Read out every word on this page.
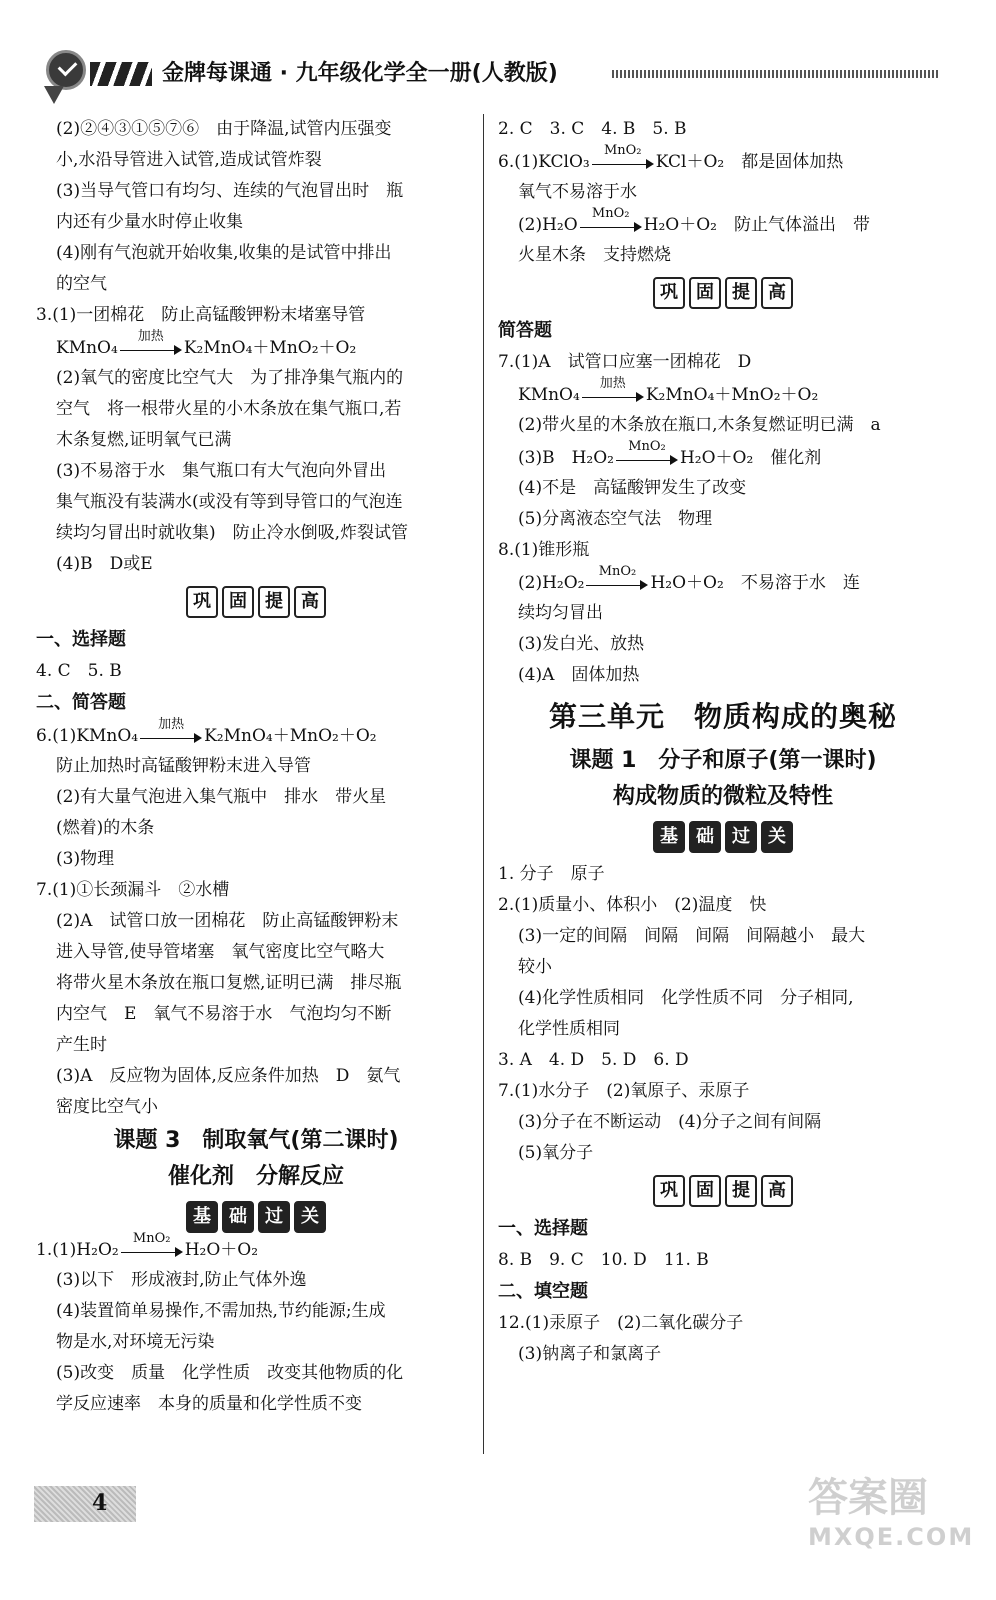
金牌每课通 · 九年级化学全一册(人教版)
(2)②④③①⑤⑦⑥　由于降温,试管内压强变
小,水沿导管进入试管,造成试管炸裂
(3)当导气管口有均匀、连续的气泡冒出时　瓶
内还有少量水时停止收集
(4)刚有气泡就开始收集,收集的是试管中排出
的空气
3.(1)一团棉花　防止高锰酸钾粉末堵塞导管
KMnO₄
加热
K₂MnO₄＋MnO₂＋O₂
(2)氧气的密度比空气大　为了排净集气瓶内的
空气　将一根带火星的小木条放在集气瓶口,若
木条复燃,证明氧气已满
(3)不易溶于水　集气瓶口有大气泡向外冒出
集气瓶没有装满水(或没有等到导管口的气泡连
续均匀冒出时就收集)　防止冷水倒吸,炸裂试管
(4)B　D或E
巩 固 提 高
一、选择题
4. C　5. B
二、简答题
6.(1)KMnO₄
加热
K₂MnO₄＋MnO₂＋O₂
防止加热时高锰酸钾粉末进入导管
(2)有大量气泡进入集气瓶中　排水　带火星
(燃着)的木条
(3)物理
7.(1)①长颈漏斗　②水槽
(2)A　试管口放一团棉花　防止高锰酸钾粉末
进入导管,使导管堵塞　氧气密度比空气略大
将带火星木条放在瓶口复燃,证明已满　排尽瓶
内空气　E　氧气不易溶于水　气泡均匀不断
产生时
(3)A　反应物为固体,反应条件加热　D　氨气
密度比空气小
课题 3　制取氧气(第二课时)
催化剂　分解反应
基 础 过 关
1.(1)H₂O₂
MnO₂
H₂O＋O₂
(3)以下　形成液封,防止气体外逸
(4)装置简单易操作,不需加热,节约能源;生成
物是水,对环境无污染
(5)改变　质量　化学性质　改变其他物质的化
学反应速率　本身的质量和化学性质不变
2. C　3. C　4. B　5. B
6.(1)KClO₃
MnO₂
KCl＋O₂　都是固体加热
氧气不易溶于水
(2)H₂O
MnO₂
H₂O＋O₂　防止气体溢出　带
火星木条　支持燃烧
巩 固 提 高
简答题
7.(1)A　试管口应塞一团棉花　D
KMnO₄
加热
K₂MnO₄＋MnO₂＋O₂
(2)带火星的木条放在瓶口,木条复燃证明已满　a
(3)B　H₂O₂
MnO₂
H₂O＋O₂　催化剂
(4)不是　高锰酸钾发生了改变
(5)分离液态空气法　物理
8.(1)锥形瓶
(2)H₂O₂
MnO₂
H₂O＋O₂　不易溶于水　连
续均匀冒出
(3)发白光、放热
(4)A　固体加热
第三单元　物质构成的奥秘
课题 1　分子和原子(第一课时)
构成物质的微粒及特性
基 础 过 关
1. 分子　原子
2.(1)质量小、体积小　(2)温度　快
(3)一定的间隔　间隔　间隔　间隔越小　最大
较小
(4)化学性质相同　化学性质不同　分子相同,
化学性质相同
3. A　4. D　5. D　6. D
7.(1)水分子　(2)氧原子、汞原子
(3)分子在不断运动　(4)分子之间有间隔
(5)氧分子
巩 固 提 高
一、选择题
8. B　9. C　10. D　11. B
二、填空题
12.(1)汞原子　(2)二氧化碳分子
(3)钠离子和氯离子
4	答案圈
MXQE.COM
